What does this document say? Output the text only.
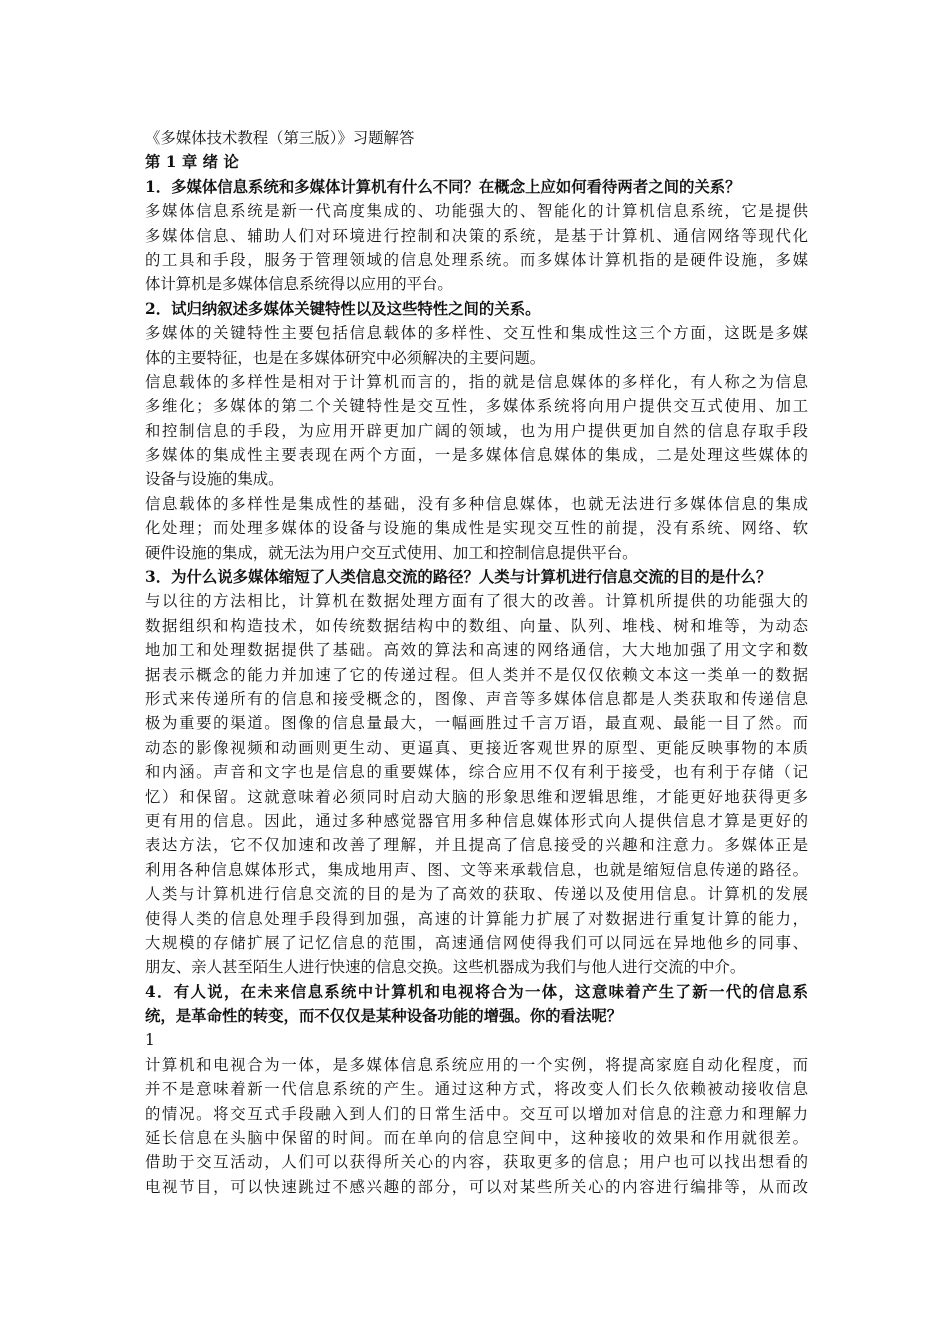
《多媒体技术教程（第三版）》习题解答
第 1 章 绪 论
1．多媒体信息系统和多媒体计算机有什么不同？在概念上应如何看待两者之间的关系？
多媒体信息系统是新一代高度集成的、功能强大的、智能化的计算机信息系统，它是提供
多媒体信息、辅助人们对环境进行控制和决策的系统，是基于计算机、通信网络等现代化
的工具和手段，服务于管理领域的信息处理系统。而多媒体计算机指的是硬件设施，多媒
体计算机是多媒体信息系统得以应用的平台。
2．试归纳叙述多媒体关键特性以及这些特性之间的关系。
多媒体的关键特性主要包括信息载体的多样性、交互性和集成性这三个方面，这既是多媒
体的主要特征，也是在多媒体研究中必须解决的主要问题。
信息载体的多样性是相对于计算机而言的，指的就是信息媒体的多样化，有人称之为信息
多维化；多媒体的第二个关键特性是交互性，多媒体系统将向用户提供交互式使用、加工
和控制信息的手段，为应用开辟更加广阔的领域，也为用户提供更加自然的信息存取手段
多媒体的集成性主要表现在两个方面，一是多媒体信息媒体的集成，二是处理这些媒体的
设备与设施的集成。
信息载体的多样性是集成性的基础，没有多种信息媒体，也就无法进行多媒体信息的集成
化处理；而处理多媒体的设备与设施的集成性是实现交互性的前提，没有系统、网络、软
硬件设施的集成，就无法为用户交互式使用、加工和控制信息提供平台。
3．为什么说多媒体缩短了人类信息交流的路径？人类与计算机进行信息交流的目的是什么？
与以往的方法相比，计算机在数据处理方面有了很大的改善。计算机所提供的功能强大的
数据组织和构造技术，如传统数据结构中的数组、向量、队列、堆栈、树和堆等，为动态
地加工和处理数据提供了基础。高效的算法和高速的网络通信，大大地加强了用文字和数
据表示概念的能力并加速了它的传递过程。但人类并不是仅仅依赖文本这一类单一的数据
形式来传递所有的信息和接受概念的，图像、声音等多媒体信息都是人类获取和传递信息
极为重要的渠道。图像的信息量最大，一幅画胜过千言万语，最直观、最能一目了然。而
动态的影像视频和动画则更生动、更逼真、更接近客观世界的原型、更能反映事物的本质
和内涵。声音和文字也是信息的重要媒体，综合应用不仅有利于接受，也有利于存储（记
忆）和保留。这就意味着必须同时启动大脑的形象思维和逻辑思维，才能更好地获得更多
更有用的信息。因此，通过多种感觉器官用多种信息媒体形式向人提供信息才算是更好的
表达方法，它不仅加速和改善了理解，并且提高了信息接受的兴趣和注意力。多媒体正是
利用各种信息媒体形式，集成地用声、图、文等来承载信息，也就是缩短信息传递的路径。
人类与计算机进行信息交流的目的是为了高效的获取、传递以及使用信息。计算机的发展
使得人类的信息处理手段得到加强，高速的计算能力扩展了对数据进行重复计算的能力，
大规模的存储扩展了记忆信息的范围，高速通信网使得我们可以同远在异地他乡的同事、
朋友、亲人甚至陌生人进行快速的信息交换。这些机器成为我们与他人进行交流的中介。
4．有人说，在未来信息系统中计算机和电视将合为一体，这意味着产生了新一代的信息系
统，是革命性的转变，而不仅仅是某种设备功能的增强。你的看法呢？
1
计算机和电视合为一体，是多媒体信息系统应用的一个实例，将提高家庭自动化程度，而
并不是意味着新一代信息系统的产生。通过这种方式，将改变人们长久依赖被动接收信息
的情况。将交互式手段融入到人们的日常生活中。交互可以增加对信息的注意力和理解力
延长信息在头脑中保留的时间。而在单向的信息空间中，这种接收的效果和作用就很差。
借助于交互活动，人们可以获得所关心的内容，获取更多的信息；用户也可以找出想看的
电视节目，可以快速跳过不感兴趣的部分，可以对某些所关心的内容进行编排等，从而改
